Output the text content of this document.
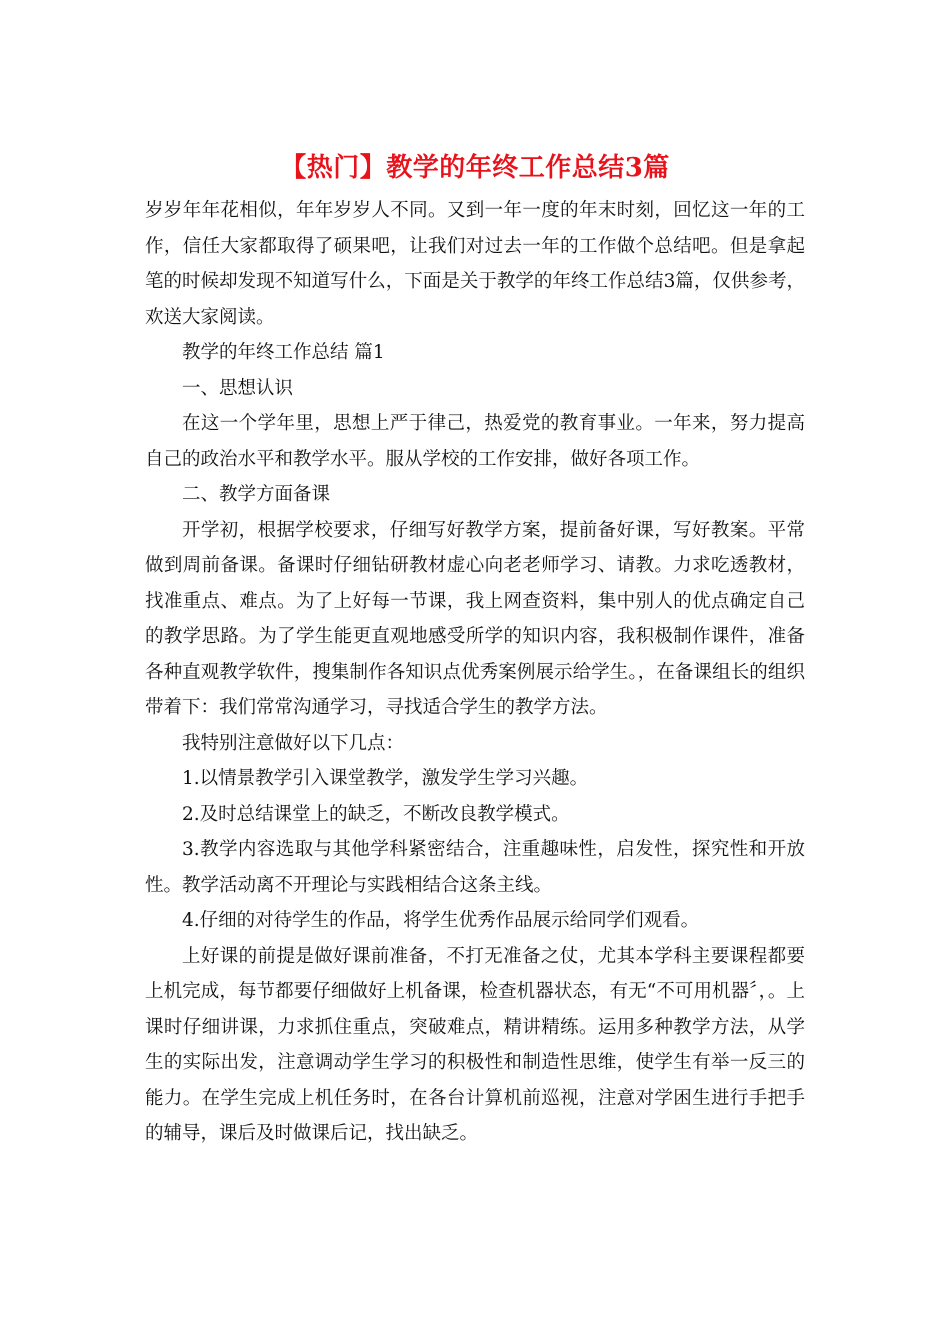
【热门】教学的年终工作总结3篇

岁岁年年花相似，年年岁岁人不同。又到一年一度的年末时刻，回忆这一年的工作，信任大家都取得了硕果吧，让我们对过去一年的工作做个总结吧。但是拿起笔的时候却发现不知道写什么，下面是关于教学的年终工作总结3篇，仅供参考，欢送大家阅读。

教学的年终工作总结 篇1

一、思想认识

在这一个学年里，思想上严于律己，热爱党的教育事业。一年来，努力提高自己的政治水平和教学水平。服从学校的工作安排，做好各项工作。

二、教学方面备课

开学初，根据学校要求，仔细写好教学方案，提前备好课，写好教案。平常做到周前备课。备课时仔细钻研教材虚心向老老师学习、请教。力求吃透教材，找准重点、难点。为了上好每一节课，我上网查资料，集中别人的优点确定自己的教学思路。为了学生能更直观地感受所学的知识内容，我积极制作课件，准备各种直观教学软件，搜集制作各知识点优秀案例展示给学生。，在备课组长的组织带着下：我们常常沟通学习，寻找适合学生的教学方法。

我特别注意做好以下几点：

1.以情景教学引入课堂教学，激发学生学习兴趣。

2.及时总结课堂上的缺乏，不断改良教学模式。

3.教学内容选取与其他学科紧密结合，注重趣味性，启发性，探究性和开放性。教学活动离不开理论与实践相结合这条主线。

4.仔细的对待学生的作品，将学生优秀作品展示给同学们观看。

上好课的前提是做好课前准备，不打无准备之仗，尤其本学科主要课程都要上机完成，每节都要仔细做好上机备课，检查机器状态，有无“不可用机器〞，。上课时仔细讲课，力求抓住重点，突破难点，精讲精练。运用多种教学方法，从学生的实际出发，注意调动学生学习的积极性和制造性思维，使学生有举一反三的能力。在学生完成上机任务时，在各台计算机前巡视，注意对学困生进行手把手的辅导，课后及时做课后记，找出缺乏。
